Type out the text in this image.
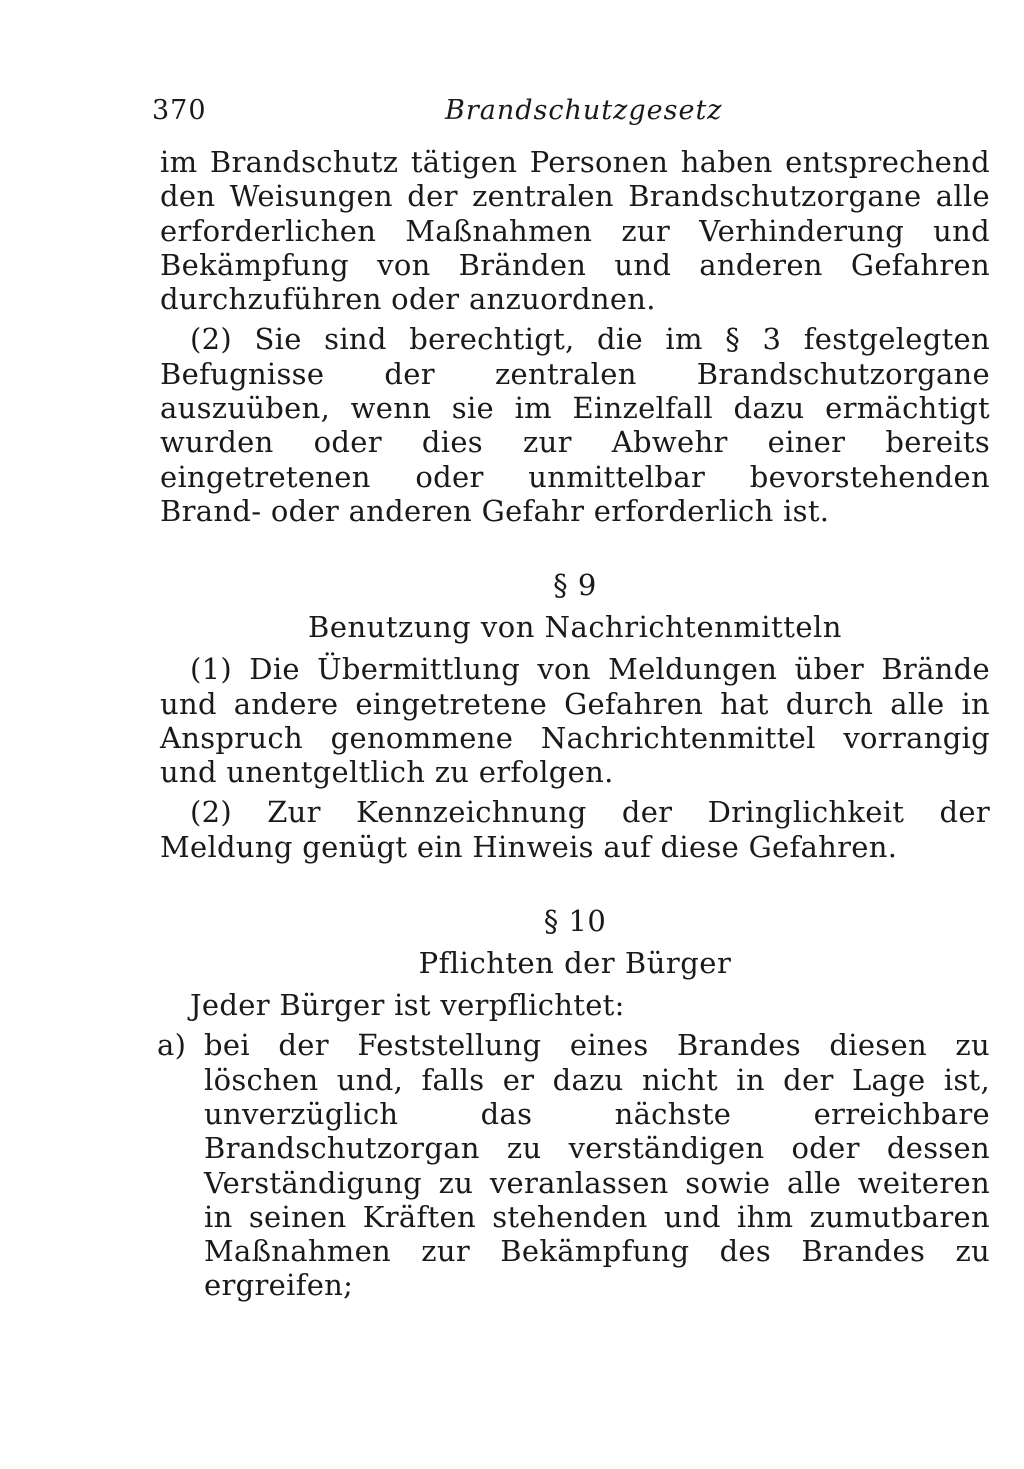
370	Brandschutzgesetz

im Brandschutz tätigen Personen haben entsprechend den Weisungen der zentralen Brandschutzorgane alle erforderlichen Maßnahmen zur Verhinderung und Bekämpfung von Bränden und anderen Gefahren durchzuführen oder anzuordnen.

(2) Sie sind berechtigt, die im § 3 festgelegten Befugnisse der zentralen Brandschutzorgane auszuüben, wenn sie im Einzelfall dazu ermächtigt wurden oder dies zur Abwehr einer bereits eingetretenen oder unmittelbar bevorstehenden Brand- oder anderen Gefahr erforderlich ist.

§ 9

Benutzung von Nachrichtenmitteln

(1) Die Übermittlung von Meldungen über Brände und andere eingetretene Gefahren hat durch alle in Anspruch genommene Nachrichtenmittel vorrangig und unentgeltlich zu erfolgen.

(2) Zur Kennzeichnung der Dringlichkeit der Meldung genügt ein Hinweis auf diese Gefahren.

§ 10

Pflichten der Bürger

Jeder Bürger ist verpflichtet:

a) bei der Feststellung eines Brandes diesen zu löschen und, falls er dazu nicht in der Lage ist, unverzüglich das nächste erreichbare Brandschutzorgan zu verständigen oder dessen Verständigung zu veranlassen sowie alle weiteren in seinen Kräften stehenden und ihm zumutbaren Maßnahmen zur Bekämpfung des Brandes zu ergreifen;
